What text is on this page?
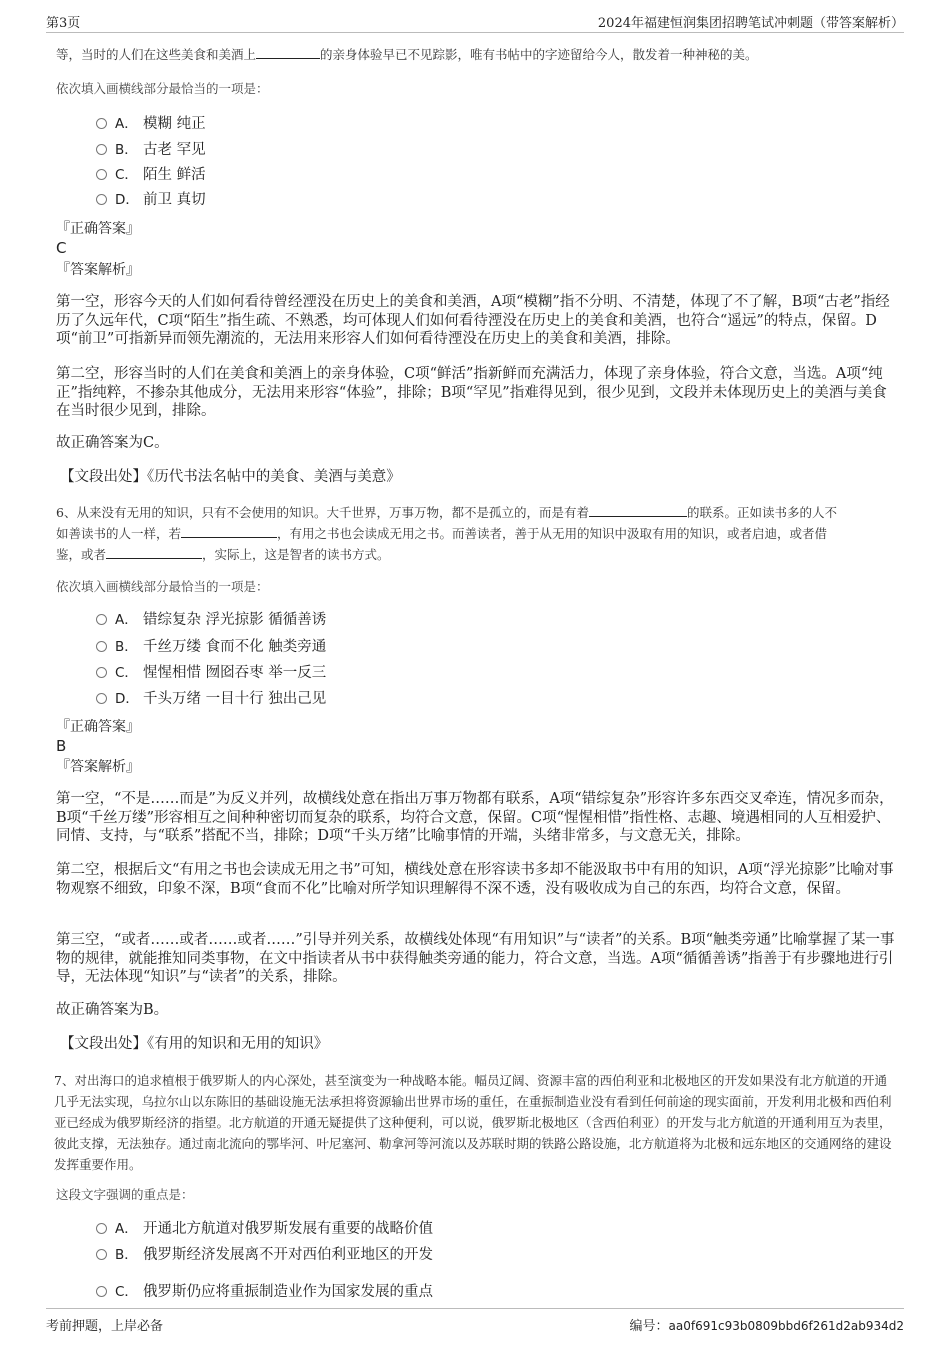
第3页	2024年福建恒润集团招聘笔试冲刺题（带答案解析）
等，当时的人们在这些美食和美酒上	的亲身体验早已不见踪影，唯有书帖中的字迹留给今人，散发着一种神秘的美。
依次填入画横线部分最恰当的一项是：
A． 模糊 纯正
B． 古老 罕见
C． 陌生 鲜活
D． 前卫 真切
『正确答案』
C
『答案解析』
第一空，形容今天的人们如何看待曾经湮没在历史上的美食和美酒，A项“模糊”指不分明、不清楚，体现了不了解，B项“古老”指经历了久远年代，C项“陌生”指生疏、不熟悉，均可体现人们如何看待湮没在历史上的美食和美酒，也符合“遥远”的特点，保留。D项“前卫”可指新异而领先潮流的，无法用来形容人们如何看待湮没在历史上的美食和美酒，排除。
第二空，形容当时的人们在美食和美酒上的亲身体验，C项“鲜活”指新鲜而充满活力，体现了亲身体验，符合文意，当选。A项“纯正”指纯粹，不掺杂其他成分，无法用来形容“体验”，排除；B项“罕见”指难得见到，很少见到，文段并未体现历史上的美酒与美食在当时很少见到，排除。
故正确答案为C。
【文段出处】《历代书法名帖中的美食、美酒与美意》
6、从来没有无用的知识，只有不会使用的知识。大千世界，万事万物，都不是孤立的，而是有着	的联系。正如读书多的人不
如善读书的人一样，若	，有用之书也会读成无用之书。而善读者，善于从无用的知识中汲取有用的知识，或者启迪，或者借
鉴，或者	，实际上，这是智者的读书方式。
依次填入画横线部分最恰当的一项是：
A． 错综复杂 浮光掠影 循循善诱
B． 千丝万缕 食而不化 触类旁通
C． 惺惺相惜 囫囵吞枣 举一反三
D． 千头万绪 一目十行 独出己见
『正确答案』
B
『答案解析』
第一空，“不是……而是”为反义并列，故横线处意在指出万事万物都有联系，A项“错综复杂”形容许多东西交叉牵连，情况多而杂，B项“千丝万缕”形容相互之间种种密切而复杂的联系，均符合文意，保留。C项“惺惺相惜”指性格、志趣、境遇相同的人互相爱护、同情、支持，与“联系”搭配不当，排除；D项“千头万绪”比喻事情的开端，头绪非常多，与文意无关，排除。
第二空，根据后文“有用之书也会读成无用之书”可知，横线处意在形容读书多却不能汲取书中有用的知识，A项“浮光掠影”比喻对事物观察不细致，印象不深，B项“食而不化”比喻对所学知识理解得不深不透，没有吸收成为自己的东西，均符合文意，保留。
第三空，“或者……或者……或者……”引导并列关系，故横线处体现“有用知识”与“读者”的关系。B项“触类旁通”比喻掌握了某一事物的规律，就能推知同类事物，在文中指读者从书中获得触类旁通的能力，符合文意，当选。A项“循循善诱”指善于有步骤地进行引导，无法体现“知识”与“读者”的关系，排除。
故正确答案为B。
【文段出处】《有用的知识和无用的知识》
7、对出海口的追求植根于俄罗斯人的内心深处，甚至演变为一种战略本能。幅员辽阔、资源丰富的西伯利亚和北极地区的开发如果没有北方航道的开通几乎无法实现，乌拉尔山以东陈旧的基础设施无法承担将资源输出世界市场的重任，在重振制造业没有看到任何前途的现实面前，开发利用北极和西伯利亚已经成为俄罗斯经济的指望。北方航道的开通无疑提供了这种便利，可以说，俄罗斯北极地区（含西伯利亚）的开发与北方航道的开通利用互为表里，彼此支撑，无法独存。通过南北流向的鄂毕河、叶尼塞河、勒拿河等河流以及苏联时期的铁路公路设施，北方航道将为北极和远东地区的交通网络的建设发挥重要作用。
这段文字强调的重点是：
A． 开通北方航道对俄罗斯发展有重要的战略价值
B． 俄罗斯经济发展离不开对西伯利亚地区的开发
C． 俄罗斯仍应将重振制造业作为国家发展的重点
考前押题，上岸必备	编号：aa0f691c93b0809bbd6f261d2ab934d2
